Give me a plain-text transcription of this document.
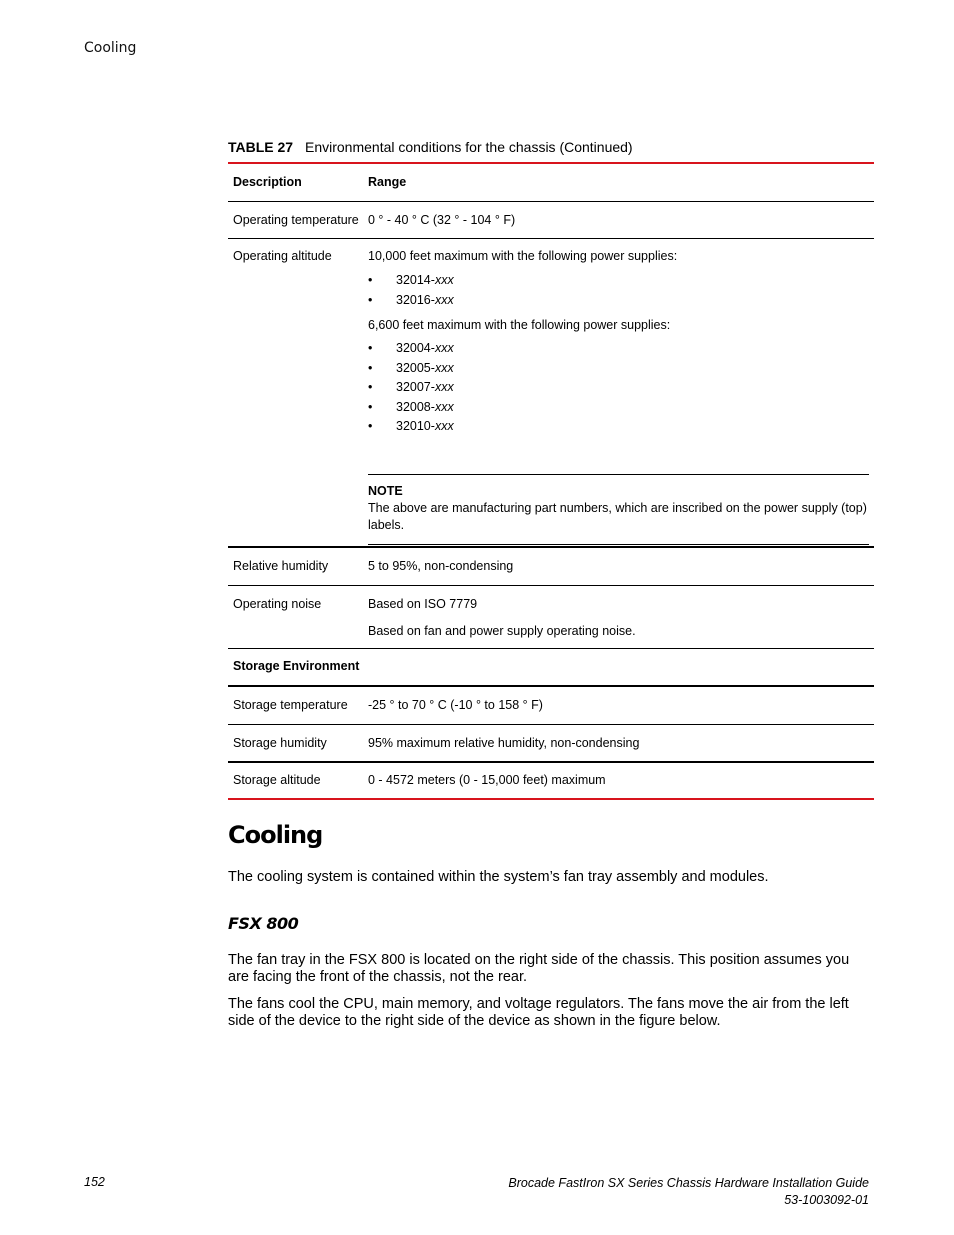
Cooling
TABLE 27 Environmental conditions for the chassis (Continued)
Description	Range
Operating temperature 0 ° - 40 ° C (32 ° - 104 ° F)
Operating altitude	10,000 feet maximum with the following power supplies:
• 32014-xxx
• 32016-xxx
6,600 feet maximum with the following power supplies:
• 32004-xxx
• 32005-xxx
• 32007-xxx
• 32008-xxx
• 32010-xxx
NOTE
The above are manufacturing part numbers, which are inscribed on the power supply (top) labels.
Relative humidity	5 to 95%, non-condensing
Operating noise	Based on ISO 7779
Based on fan and power supply operating noise.
Storage Environment
Storage temperature -25 ° to 70 ° C (-10 ° to 158 ° F)
Storage humidity	95% maximum relative humidity, non-condensing
Storage altitude	0 - 4572 meters (0 - 15,000 feet) maximum
Cooling
The cooling system is contained within the system’s fan tray assembly and modules.
FSX 800
The fan tray in the FSX 800 is located on the right side of the chassis. This position assumes you are facing the front of the chassis, not the rear.
The fans cool the CPU, main memory, and voltage regulators. The fans move the air from the left side of the device to the right side of the device as shown in the figure below.
152	Brocade FastIron SX Series Chassis Hardware Installation Guide
53-1003092-01
